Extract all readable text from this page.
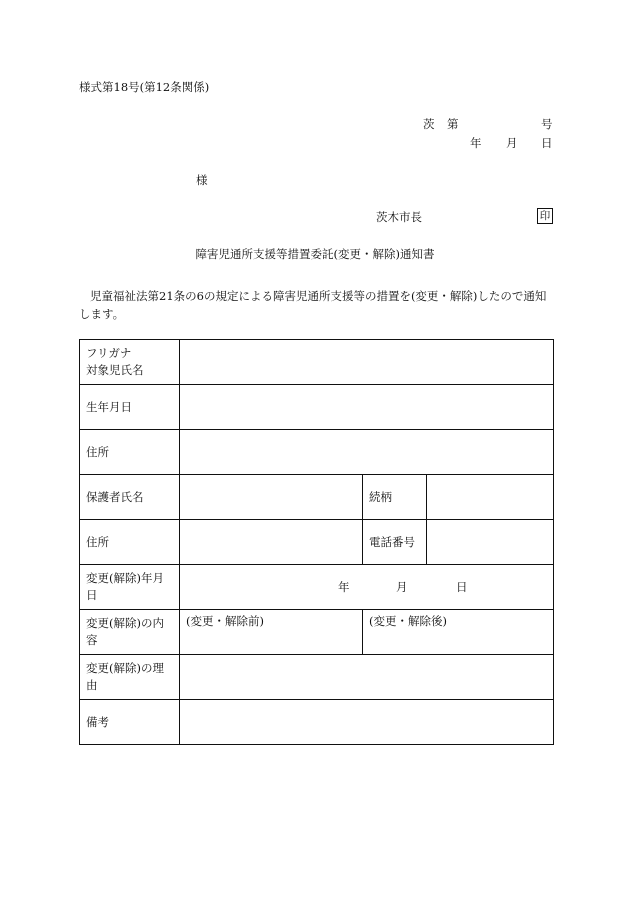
様式第18号(第12条関係)
茨 第	号
年 月 日
様
茨木市長	印
障害児通所支援等措置委託(変更・解除)通知書
児童福祉法第21条の6の規定による障害児通所支援等の措置を(変更・解除)したので通知します。
フリガナ
対象児氏名			

生年月日			
住所			
保護者氏名		続柄	
住所		電話番号	
変更(解除)年月日	年 月 日		

変更(解除)の内容	(変更・解除前)	(変更・解除後)	
変更(解除)の理由			
備考			
